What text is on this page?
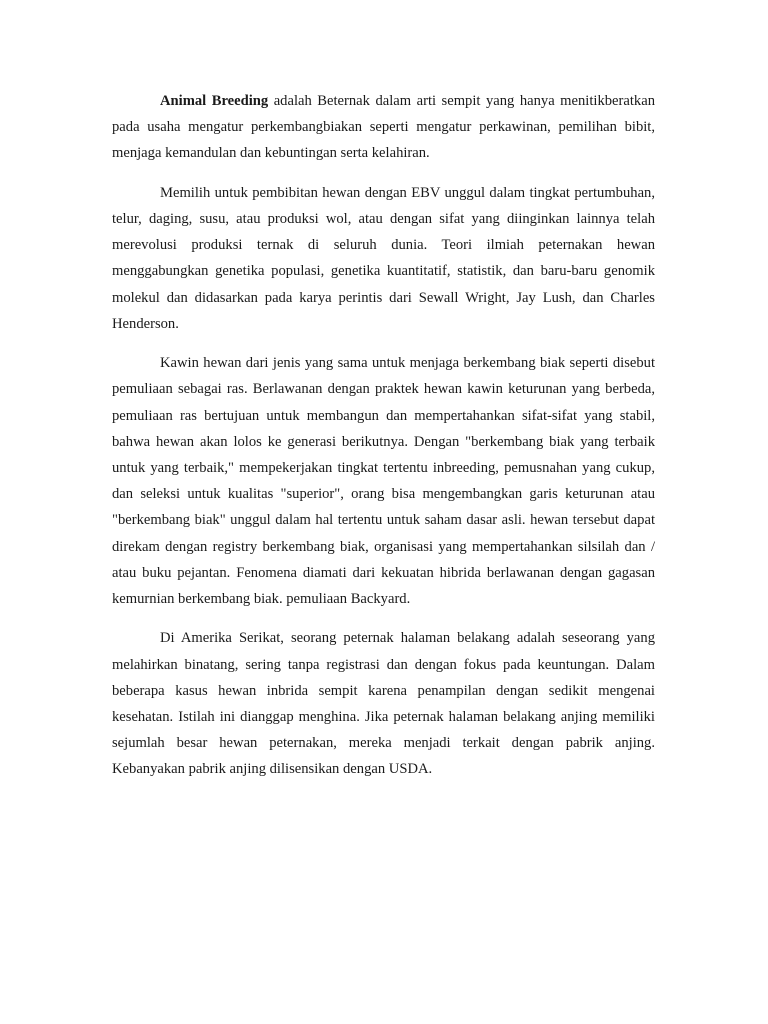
Animal Breeding adalah Beternak dalam arti sempit yang hanya menitikberatkan pada usaha mengatur perkembangbiakan seperti mengatur perkawinan, pemilihan bibit, menjaga kemandulan dan kebuntingan serta kelahiran.

Memilih untuk pembibitan hewan dengan EBV unggul dalam tingkat pertumbuhan, telur, daging, susu, atau produksi wol, atau dengan sifat yang diinginkan lainnya telah merevolusi produksi ternak di seluruh dunia. Teori ilmiah peternakan hewan menggabungkan genetika populasi, genetika kuantitatif, statistik, dan baru-baru genomik molekul dan didasarkan pada karya perintis dari Sewall Wright, Jay Lush, dan Charles Henderson.

Kawin hewan dari jenis yang sama untuk menjaga berkembang biak seperti disebut pemuliaan sebagai ras. Berlawanan dengan praktek hewan kawin keturunan yang berbeda, pemuliaan ras bertujuan untuk membangun dan mempertahankan sifat-sifat yang stabil, bahwa hewan akan lolos ke generasi berikutnya. Dengan "berkembang biak yang terbaik untuk yang terbaik," mempekerjakan tingkat tertentu inbreeding, pemusnahan yang cukup, dan seleksi untuk kualitas "superior", orang bisa mengembangkan garis keturunan atau "berkembang biak" unggul dalam hal tertentu untuk saham dasar asli. hewan tersebut dapat direkam dengan registry berkembang biak, organisasi yang mempertahankan silsilah dan / atau buku pejantan. Fenomena diamati dari kekuatan hibrida berlawanan dengan gagasan kemurnian berkembang biak. pemuliaan Backyard.

Di Amerika Serikat, seorang peternak halaman belakang adalah seseorang yang melahirkan binatang, sering tanpa registrasi dan dengan fokus pada keuntungan. Dalam beberapa kasus hewan inbrida sempit karena penampilan dengan sedikit mengenai kesehatan. Istilah ini dianggap menghina. Jika peternak halaman belakang anjing memiliki sejumlah besar hewan peternakan, mereka menjadi terkait dengan pabrik anjing. Kebanyakan pabrik anjing dilisensikan dengan USDA.
